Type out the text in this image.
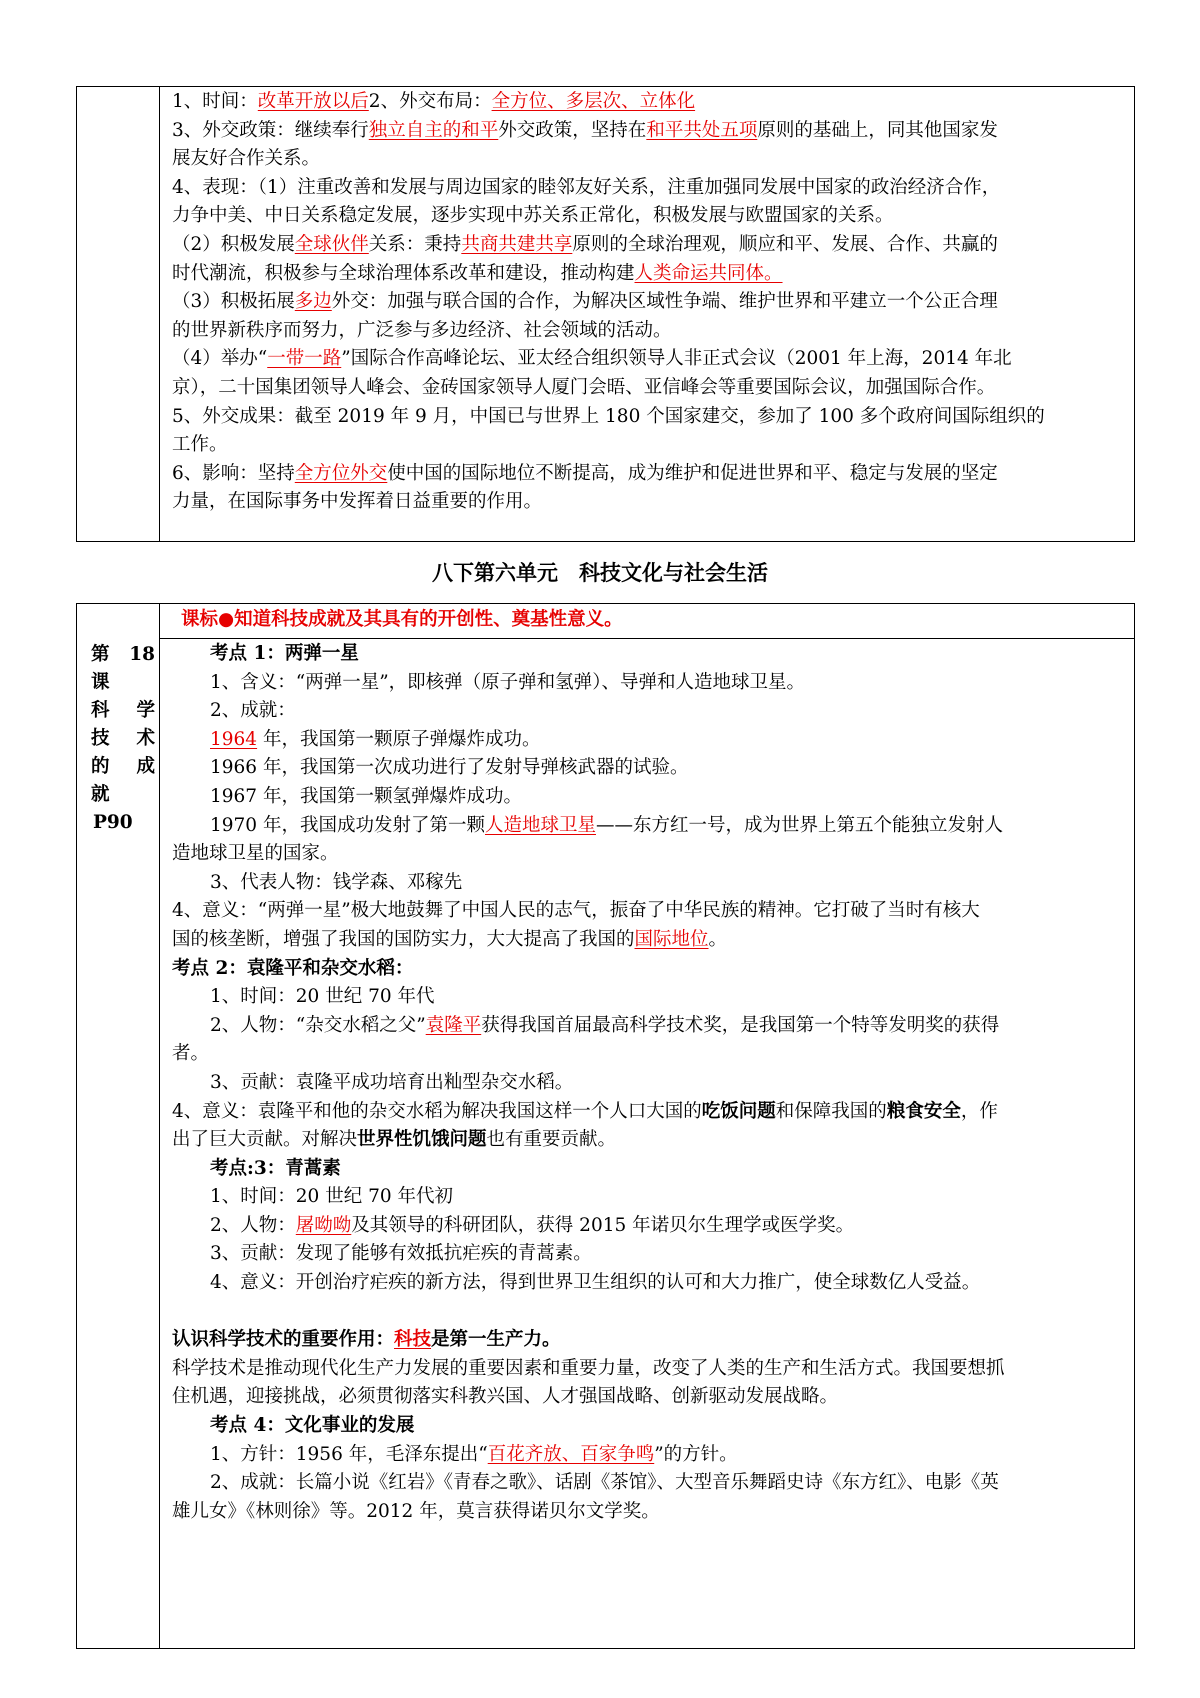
1、时间：改革开放以后2、外交布局：全方位、多层次、立体化

3、外交政策：继续奉行独立自主的和平外交政策，坚持在和平共处五项原则的基础上，同其他国家发

展友好合作关系。

4、表现：（1）注重改善和发展与周边国家的睦邻友好关系，注重加强同发展中国家的政治经济合作，

力争中美、中日关系稳定发展，逐步实现中苏关系正常化，积极发展与欧盟国家的关系。

（2）积极发展全球伙伴关系：秉持共商共建共享原则的全球治理观，顺应和平、发展、合作、共赢的

时代潮流，积极参与全球治理体系改革和建设，推动构建人类命运共同体。

（3）积极拓展多边外交：加强与联合国的合作，为解决区域性争端、维护世界和平建立一个公正合理

的世界新秩序而努力，广泛参与多边经济、社会领域的活动。

（4）举办“一带一路”国际合作高峰论坛、亚太经合组织领导人非正式会议（2001 年上海，2014 年北

京），二十国集团领导人峰会、金砖国家领导人厦门会晤、亚信峰会等重要国际会议，加强国际合作。

5、外交成果：截至 2019 年 9 月，中国已与世界上 180 个国家建交，参加了 100 多个政府间国际组织的

工作。

6、影响：坚持全方位外交使中国的国际地位不断提高，成为维护和促进世界和平、稳定与发展的坚定

力量，在国际事务中发挥着日益重要的作用。

八下第六单元　科技文化与社会生活
第 18
课
科 学
技 术
的 成
就
P90

课标●知道科技成就及其具有的开创性、奠基性意义。

考点 1：两弹一星

1、含义：“两弹一星”，即核弹（原子弹和氢弹）、导弹和人造地球卫星。

2、成就：

1964 年，我国第一颗原子弹爆炸成功。

1966 年，我国第一次成功进行了发射导弹核武器的试验。

1967 年，我国第一颗氢弹爆炸成功。

1970 年，我国成功发射了第一颗人造地球卫星——东方红一号，成为世界上第五个能独立发射人

造地球卫星的国家。

3、代表人物：钱学森、邓稼先

4、意义：“两弹一星”极大地鼓舞了中国人民的志气，振奋了中华民族的精神。它打破了当时有核大

国的核垄断，增强了我国的国防实力，大大提高了我国的国际地位。

考点 2：袁隆平和杂交水稻：

1、时间：20 世纪 70 年代

2、人物：“杂交水稻之父”袁隆平获得我国首届最高科学技术奖，是我国第一个特等发明奖的获得

者。

3、贡献：袁隆平成功培育出籼型杂交水稻。

4、意义：袁隆平和他的杂交水稻为解决我国这样一个人口大国的吃饭问题和保障我国的粮食安全，作

出了巨大贡献。对解决世界性饥饿问题也有重要贡献。

考点:3：青蒿素

1、时间：20 世纪 70 年代初

2、人物：屠呦呦及其领导的科研团队，获得 2015 年诺贝尔生理学或医学奖。

3、贡献：发现了能够有效抵抗疟疾的青蒿素。

4、意义：开创治疗疟疾的新方法，得到世界卫生组织的认可和大力推广，使全球数亿人受益。

认识科学技术的重要作用：科技是第一生产力。

科学技术是推动现代化生产力发展的重要因素和重要力量，改变了人类的生产和生活方式。我国要想抓

住机遇，迎接挑战，必须贯彻落实科教兴国、人才强国战略、创新驱动发展战略。

考点 4：文化事业的发展

1、方针：1956 年，毛泽东提出“百花齐放、百家争鸣”的方针。

2、成就：长篇小说《红岩》《青春之歌》、话剧《茶馆》、大型音乐舞蹈史诗《东方红》、电影《英

雄儿女》《林则徐》等。2012 年，莫言获得诺贝尔文学奖。
